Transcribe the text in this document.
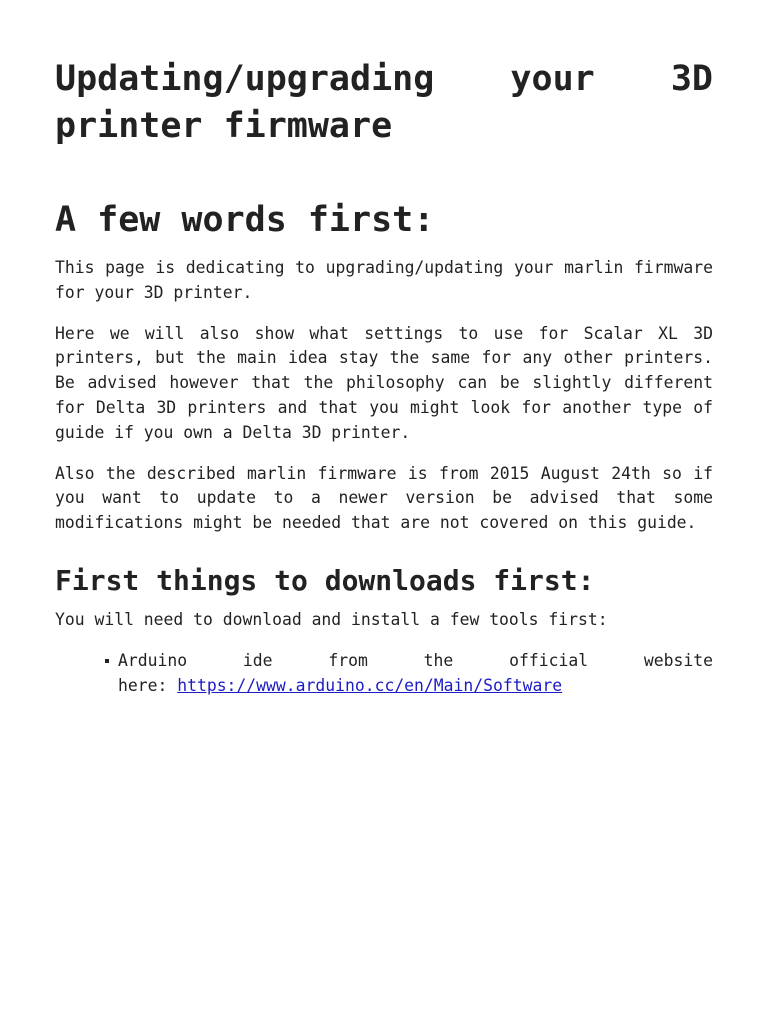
Updating/upgrading your 3D printer firmware
A few words first:

This page is dedicating to upgrading/updating your marlin firmware for your 3D printer.

Here we will also show what settings to use for Scalar XL 3D printers, but the main idea stay the same for any other printers. Be advised however that the philosophy can be slightly different for Delta 3D printers and that you might look for another type of guide if you own a Delta 3D printer.

Also the described marlin firmware is from 2015 August 24th so if you want to update to a newer version be advised that some modifications might be needed that are not covered on this guide.

First things to downloads first:

You will need to download and install a few tools first:

Arduino ide from the official website
here: https://www.arduino.cc/en/Main/Software
